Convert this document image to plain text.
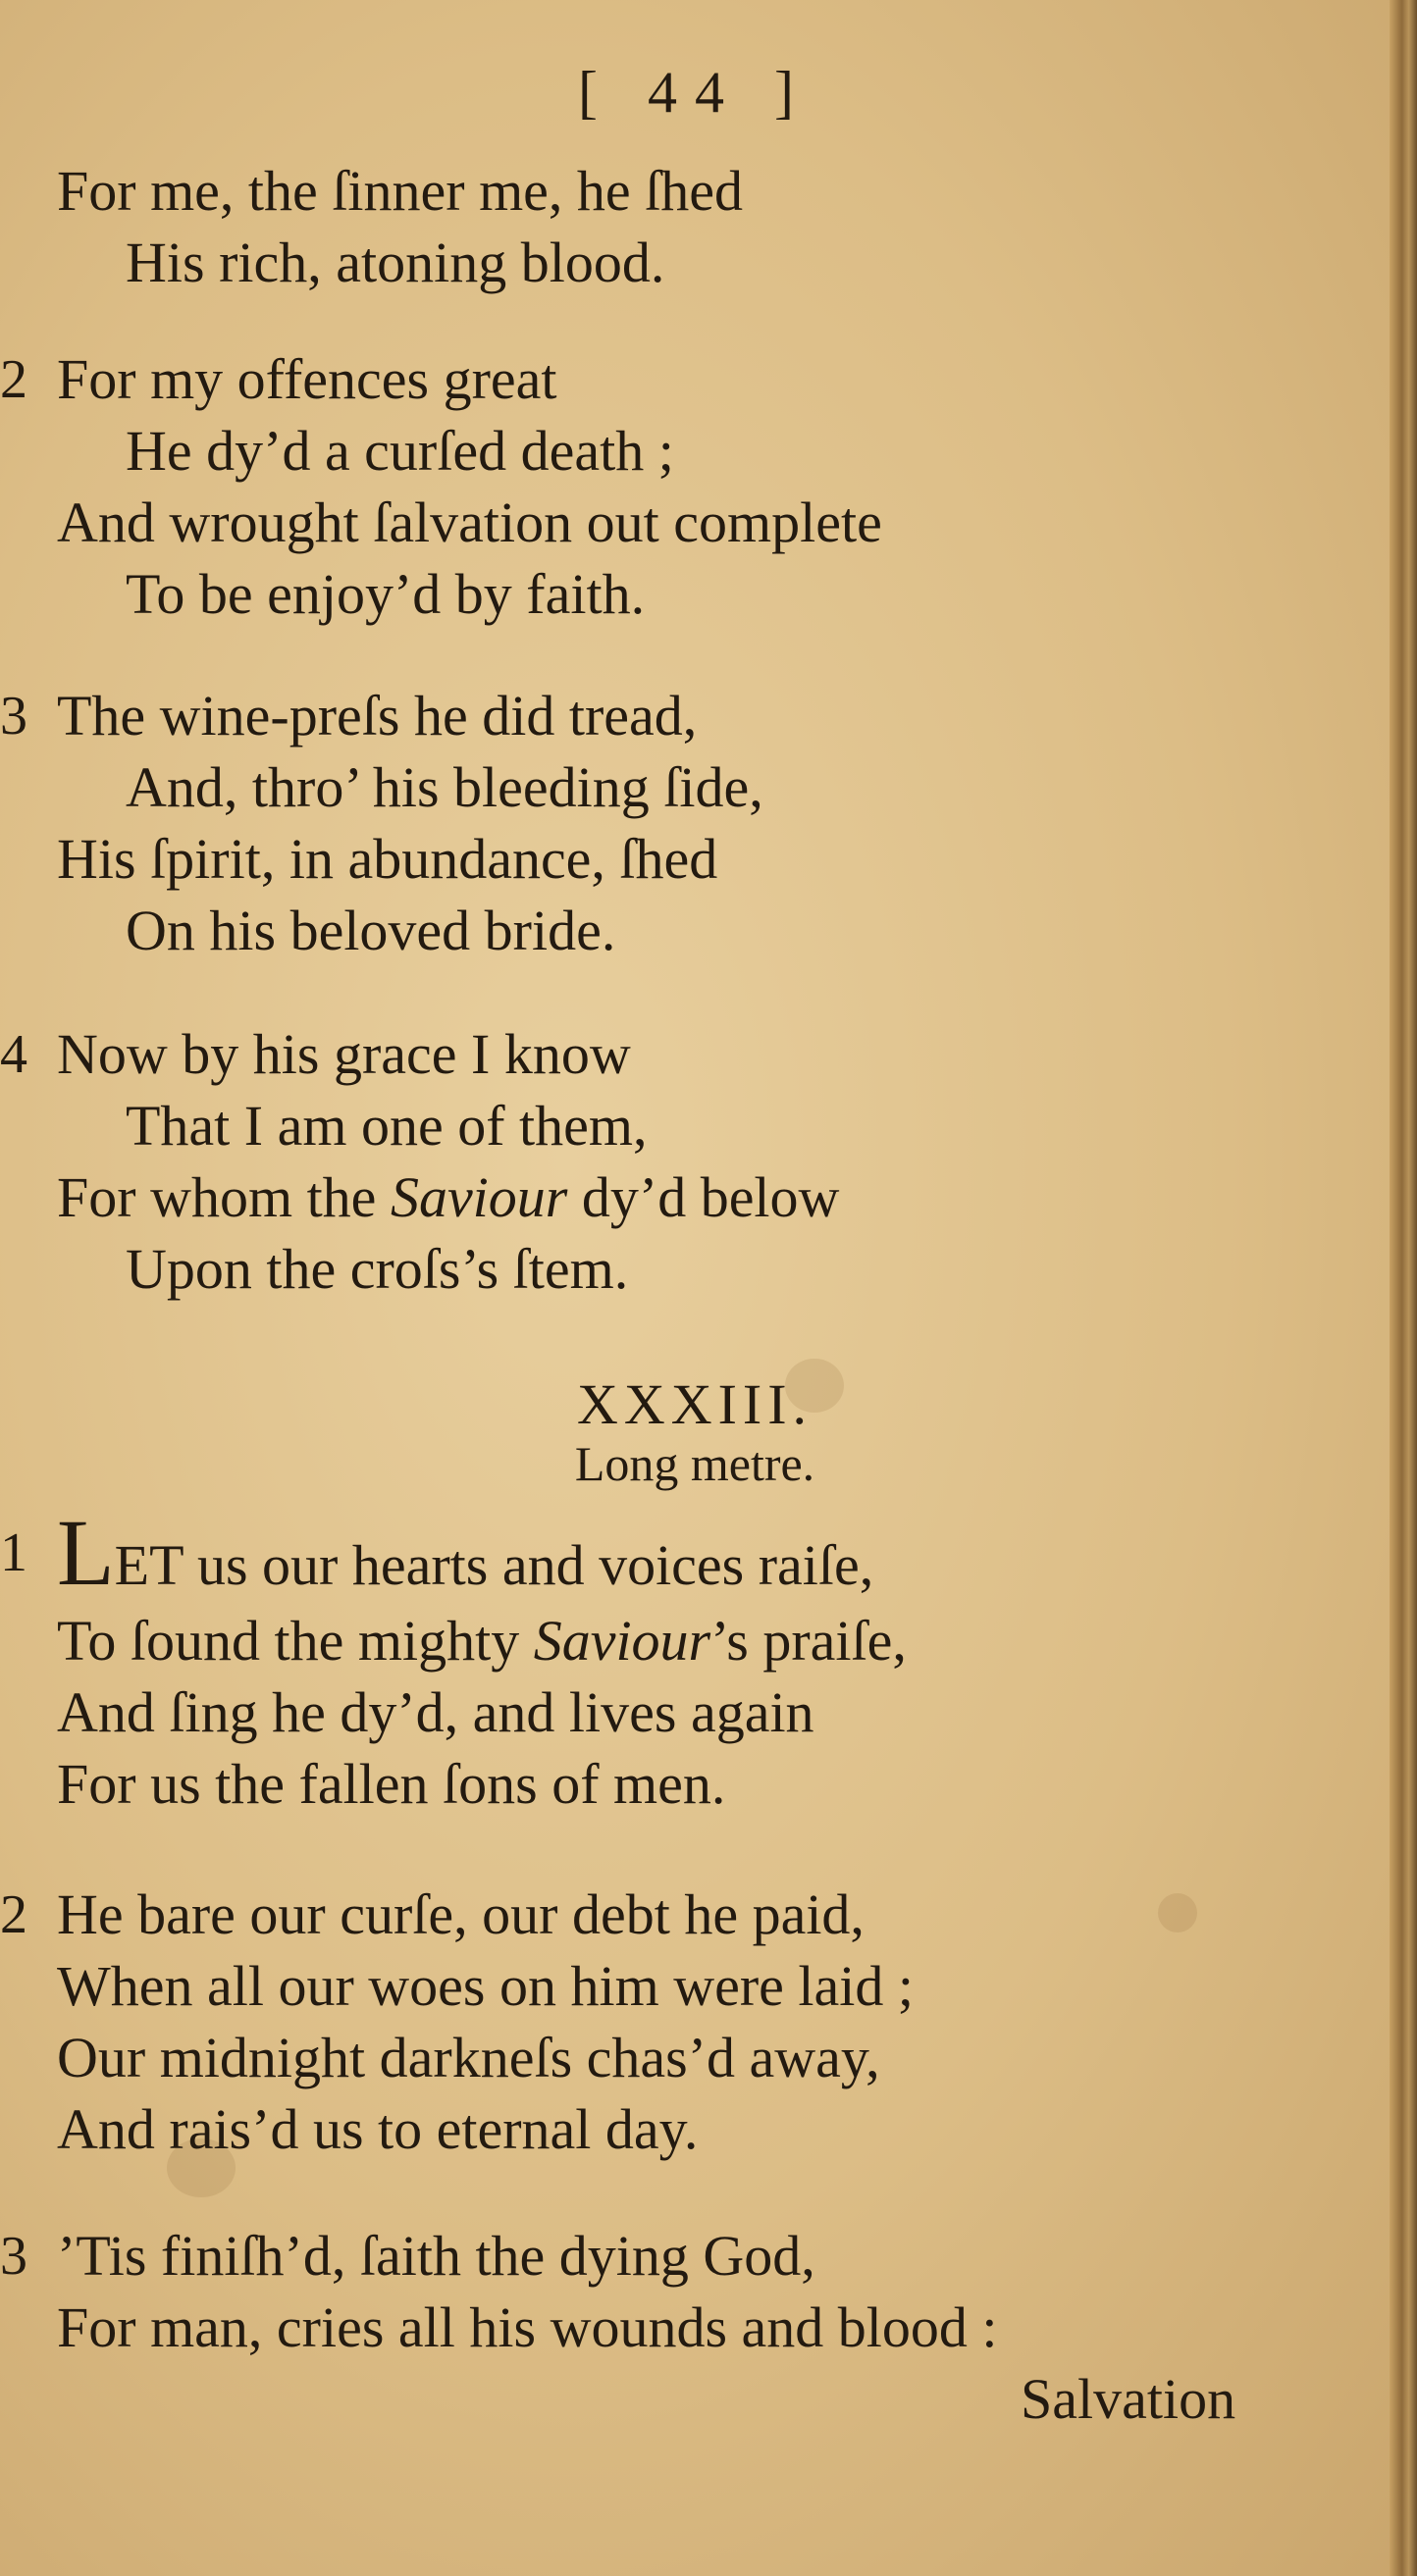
[ 44 ]
For me, the ſinner me, he ſhed
His rich, atoning blood.
2 For my offences great
He dy’d a curſed death ;
And wrought ſalvation out complete
To be enjoy’d by faith.
3 The wine-preſs he did tread,
And, thro’ his bleeding ſide,
His ſpirit, in abundance, ſhed
On his beloved bride.
4 Now by his grace I know
That I am one of them,
For whom the Saviour dy’d below
Upon the croſs’s ſtem.
XXXIII.
Long metre.
1 LET us our hearts and voices raiſe,
To ſound the mighty Saviour’s praiſe,
And ſing he dy’d, and lives again
For us the fallen ſons of men.
2 He bare our curſe, our debt he paid,
When all our woes on him were laid ;
Our midnight darkneſs chas’d away,
And rais’d us to eternal day.
3 ’Tis finiſh’d, ſaith the dying God,
For man, cries all his wounds and blood :
Salvation
